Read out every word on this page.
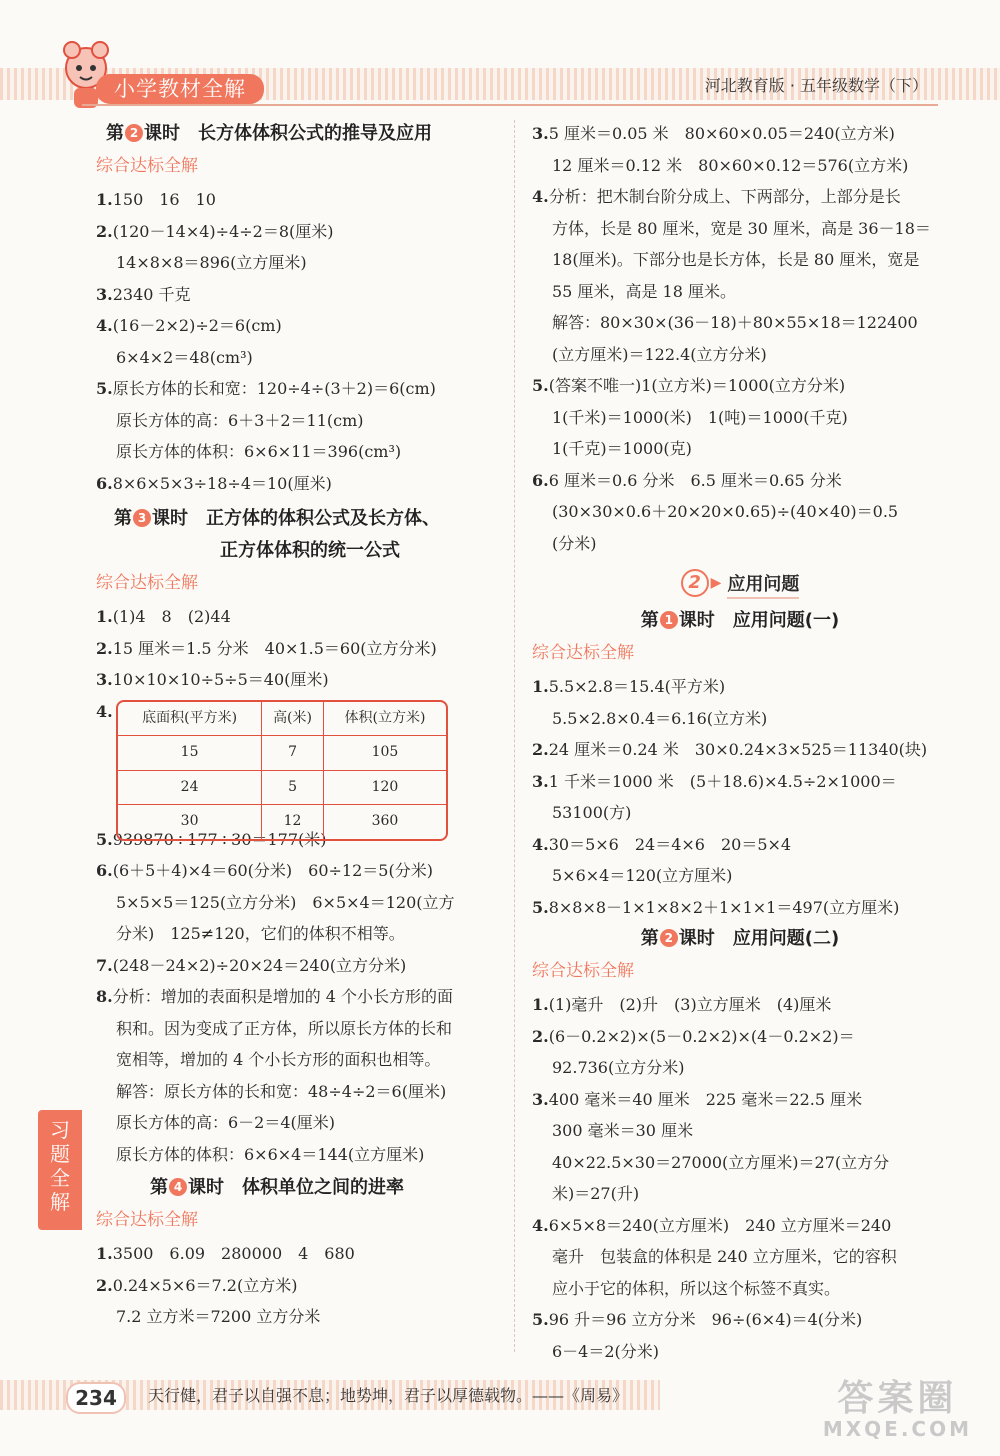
小学教材全解	河北教育版 · 五年级数学（下）
第 2 课时　长方体体积公式的推导及应用
综合达标全解
1.150　16　10
2.(120－14×4)÷4÷2＝8(厘米)
14×8×8＝896(立方厘米)
3.2340 千克
4.(16－2×2)÷2＝6(cm)
6×4×2＝48(cm³)
5.原长方体的长和宽：120÷4÷(3＋2)＝6(cm)
原长方体的高：6＋3＋2＝11(cm)
原长方体的体积：6×6×11＝396(cm³)
6.8×6×5×3÷18÷4＝10(厘米)
第 3 课时　正方体的体积公式及长方体、
正方体体积的统一公式
综合达标全解
1.(1)4　8　(2)44
2.15 厘米＝1.5 分米　40×1.5＝60(立方分米)
3.10×10×10÷5÷5＝40(厘米)
4. 底面积(平方米)	高(米)	体积(立方米)
15	7	105
24	5	120
30	12	360
5.939870÷177÷30＝177(米)
6.(6＋5＋4)×4＝60(分米)　60÷12＝5(分米)
5×5×5＝125(立方分米)　6×5×4＝120(立方
分米)　125≠120，它们的体积不相等。
7.(248－24×2)÷20×24＝240(立方分米)
8.分析：增加的表面积是增加的 4 个小长方形的面
积和。因为变成了正方体，所以原长方体的长和
宽相等，增加的 4 个小长方形的面积也相等。
解答：原长方体的长和宽：48÷4÷2＝6(厘米)
原长方体的高：6－2＝4(厘米)
原长方体的体积：6×6×4＝144(立方厘米)
第 4 课时　体积单位之间的进率
综合达标全解
1.3500　6.09　280000　4　680
2.0.24×5×6＝7.2(立方米)
7.2 立方米＝7200 立方分米
3.5 厘米＝0.05 米　80×60×0.05＝240(立方米)
12 厘米＝0.12 米　80×60×0.12＝576(立方米)
4.分析：把木制台阶分成上、下两部分，上部分是长
方体，长是 80 厘米，宽是 30 厘米，高是 36－18＝
18(厘米)。下部分也是长方体，长是 80 厘米，宽是
55 厘米，高是 18 厘米。
解答：80×30×(36－18)＋80×55×18＝122400
(立方厘米)＝122.4(立方分米)
5.(答案不唯一)1(立方米)＝1000(立方分米)
1(千米)＝1000(米)　1(吨)＝1000(千克)
1(千克)＝1000(克)
6.6 厘米＝0.6 分米　6.5 厘米＝0.65 分米
(30×30×0.6＋20×20×0.65)÷(40×40)＝0.5
(分米)
2 ▶ 应用问题
第 1 课时　应用问题(一)
综合达标全解
1.5.5×2.8＝15.4(平方米)
5.5×2.8×0.4＝6.16(立方米)
2.24 厘米＝0.24 米　30×0.24×3×525＝11340(块)
3.1 千米＝1000 米　(5＋18.6)×4.5÷2×1000＝
53100(方)
4.30＝5×6　24＝4×6　20＝5×4
5×6×4＝120(立方厘米)
5.8×8×8－1×1×8×2＋1×1×1＝497(立方厘米)
第 2 课时　应用问题(二)
综合达标全解
1.(1)毫升　(2)升　(3)立方厘米　(4)厘米
2.(6－0.2×2)×(5－0.2×2)×(4－0.2×2)＝
92.736(立方分米)
3.400 毫米＝40 厘米　225 毫米＝22.5 厘米
300 毫米＝30 厘米
40×22.5×30＝27000(立方厘米)＝27(立方分
米)＝27(升)
4.6×5×8＝240(立方厘米)　240 立方厘米＝240
毫升　包装盒的体积是 240 立方厘米，它的容积
应小于它的体积，所以这个标签不真实。
5.96 升＝96 立方分米　96÷(6×4)＝4(分米)
6－4＝2(分米)
习
题
全
解
234	天行健，君子以自强不息；地势坤，君子以厚德载物。——《周易》	答案圈
MXQE.COM
